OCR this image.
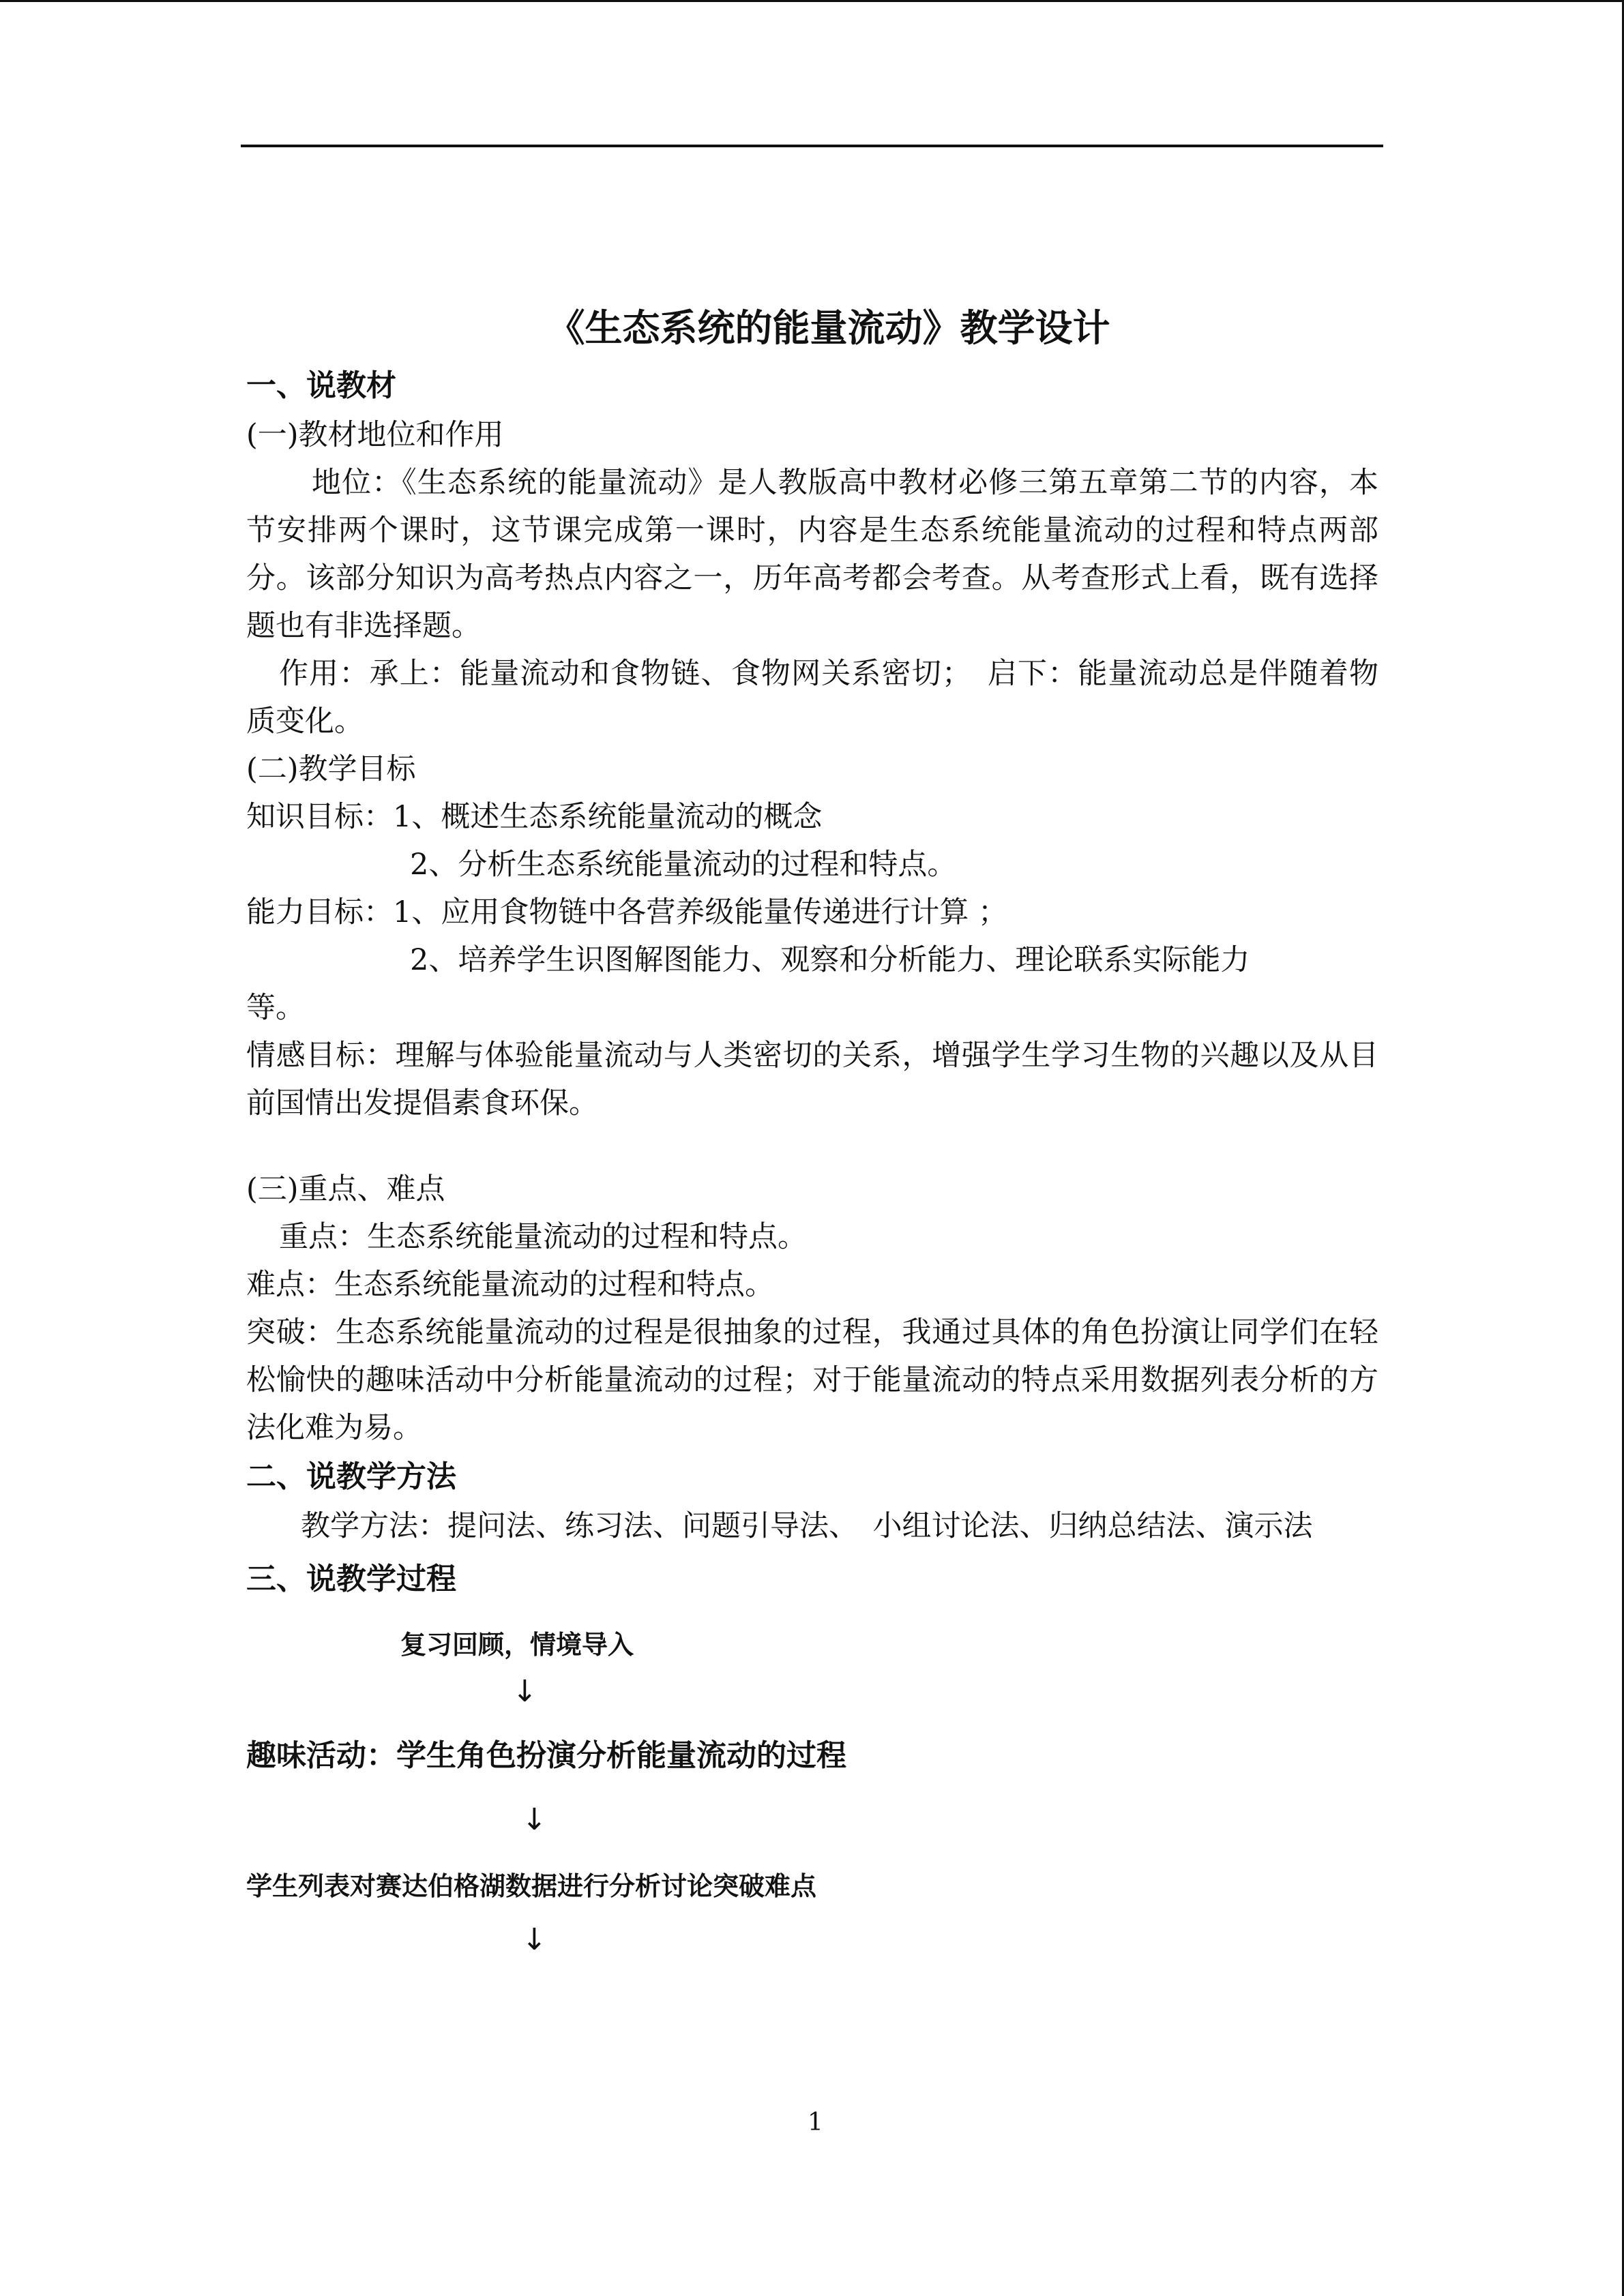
《生态系统的能量流动》教学设计

一、说教材

(一)教材地位和作用

地位：《生态系统的能量流动》是人教版高中教材必修三第五章第二节的内容，本节安排两个课时，这节课完成第一课时，内容是生态系统能量流动的过程和特点两部分。该部分知识为高考热点内容之一，历年高考都会考查。从考查形式上看，既有选择题也有非选择题。

作用：承上：能量流动和食物链、食物网关系密切；　启下：能量流动总是伴随着物质变化。

(二)教学目标

知识目标：1、概述生态系统能量流动的概念

2、分析生态系统能量流动的过程和特点。

能力目标：1、应用食物链中各营养级能量传递进行计算 ；

2、培养学生识图解图能力、观察和分析能力、理论联系实际能力

等。

情感目标：理解与体验能量流动与人类密切的关系，增强学生学习生物的兴趣以及从目前国情出发提倡素食环保。

(三)重点、难点

重点：生态系统能量流动的过程和特点。

难点：生态系统能量流动的过程和特点。

突破：生态系统能量流动的过程是很抽象的过程，我通过具体的角色扮演让同学们在轻松愉快的趣味活动中分析能量流动的过程；对于能量流动的特点采用数据列表分析的方法化难为易。

二、说教学方法

教学方法：提问法、练习法、问题引导法、　小组讨论法、归纳总结法、演示法

三、说教学过程

复习回顾，情境导入

↓

趣味活动：学生角色扮演分析能量流动的过程

↓

学生列表对赛达伯格湖数据进行分析讨论突破难点

↓

1
